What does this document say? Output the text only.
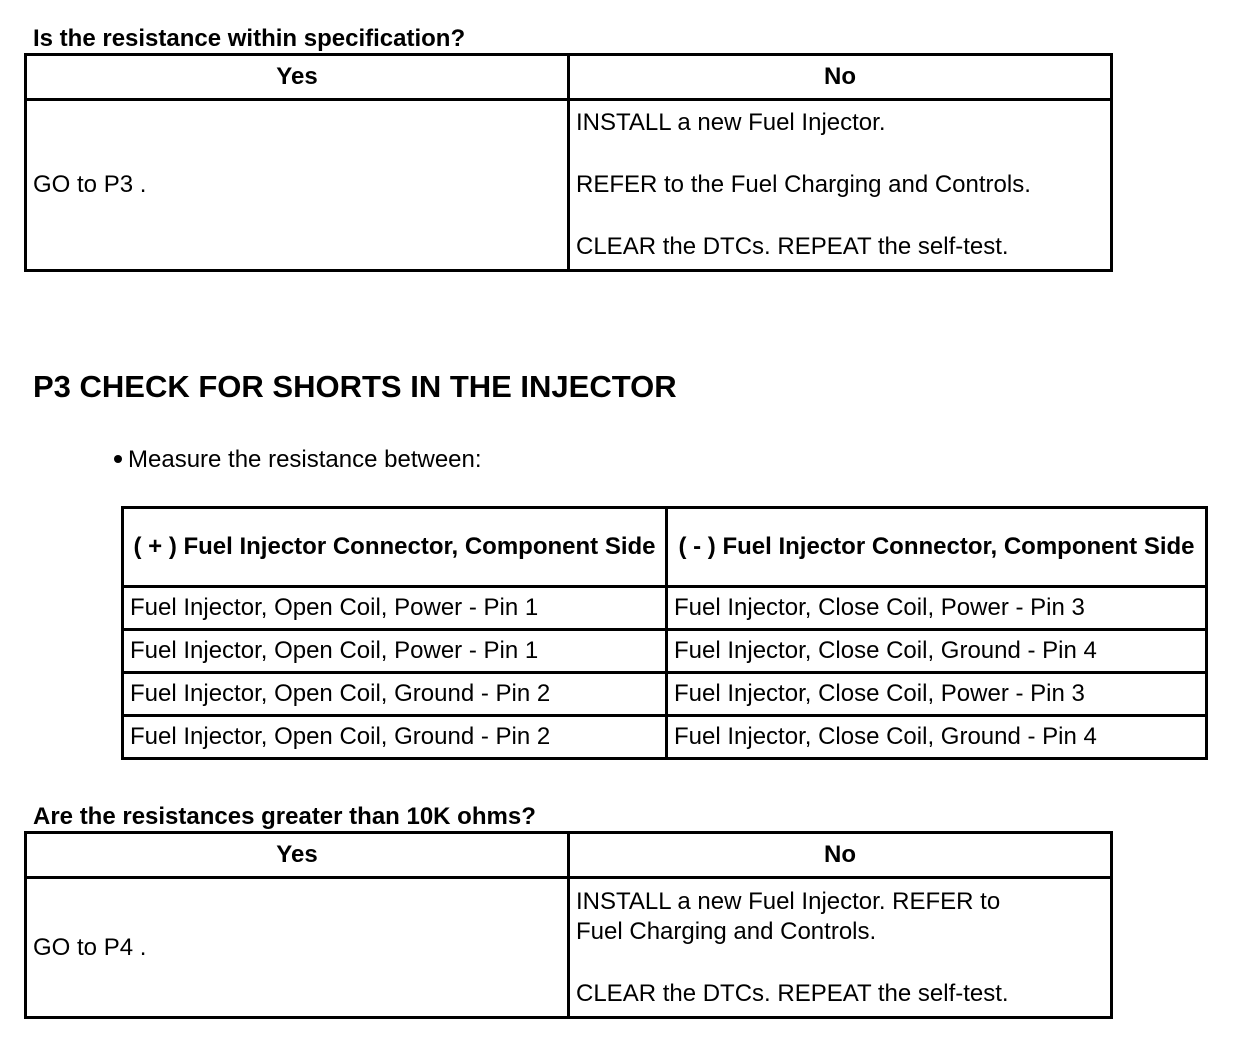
Is the resistance within specification?
Yes	No

GO to P3 .	INSTALL a new Fuel Injector.

REFER to the Fuel Charging and Controls.

CLEAR the DTCs. REPEAT the self-test.

P3 CHECK FOR SHORTS IN THE INJECTOR
Measure the resistance between:
( + ) Fuel Injector Connector, Component Side	( - ) Fuel Injector Connector, Component Side
Fuel Injector, Open Coil, Power - Pin 1	Fuel Injector, Close Coil, Power - Pin 3
Fuel Injector, Open Coil, Power - Pin 1	Fuel Injector, Close Coil, Ground - Pin 4
Fuel Injector, Open Coil, Ground - Pin 2	Fuel Injector, Close Coil, Power - Pin 3
Fuel Injector, Open Coil, Ground - Pin 2	Fuel Injector, Close Coil, Ground - Pin 4
Are the resistances greater than 10K ohms?
Yes	No

GO to P4 .	INSTALL a new Fuel Injector. REFER to Fuel Charging and Controls.

CLEAR the DTCs. REPEAT the self-test.
